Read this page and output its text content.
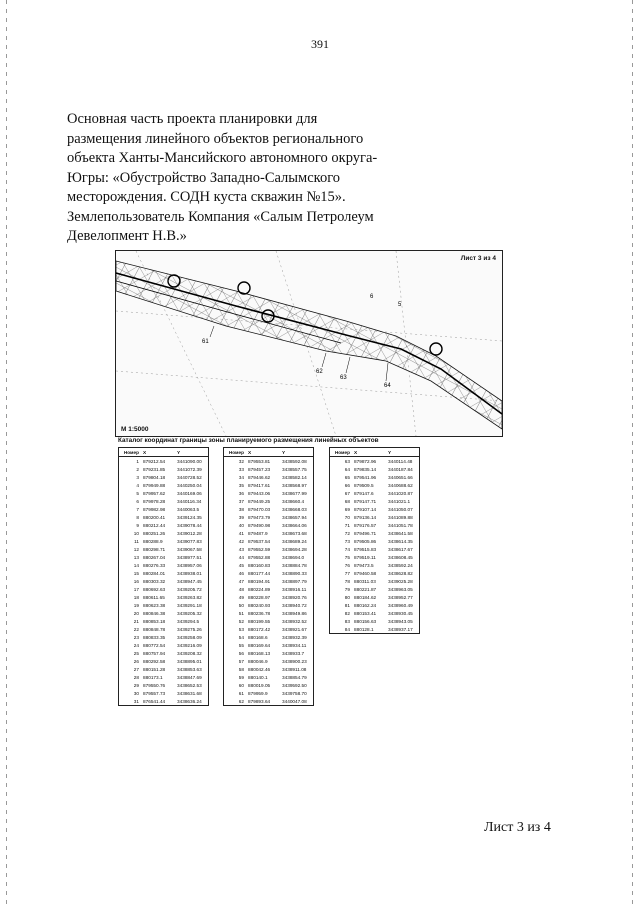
391
Основная часть проекта планировки для
размещения линейного объектов регионального
объекта Ханты-Мансийского автономного округа-
Югры: «Обустройство Западно-Салымского
месторождения. СОДН куста скважин №15».
Землепользователь Компания «Салым Петролеум
Девелопмент Н.В.»
61
62
63
64
6
5
Лист 3 из 4
М 1:5000
Каталог координат границы зоны планируемого размещения линейных объектов
Номер X	Y
1 879212.54	3441090.00
2 879231.85	3441072.39
3 879804.18	3440728.52
4 879949.88	3440250.04
5 879957.62	3440169.06
6 879978.28	3440116.34
7 879982.98	3440063.5
8 880200.41	3439124.35
9 880212.44	3439078.44
10 880251.26	3439012.28
11 880288.9	3439077.83
12 880298.71	3439067.58
13 880267.04	3438977.51
14 880276.33	3438957.06
15 880284.01	3438938.01
16 880303.32	3438947.45
17 880692.63	3439205.72
18 880611.65	3439263.82
19 880623.38	3439291.18
20 880846.38	3439205.32
21 880853.18	3439294.5
22 880848.78	3439275.26
23 880833.35	3439258.09
24 880772.54	3439216.09
25 880757.94	3439208.32
26 880292.58	3438895.01
27 880151.28	3438853.63
28 880173.1	3438847.69
29 879550.76	3438652.53
30 879557.73	3438631.68
31 876541.44	3438636.24
Номер X	Y
32 879553.81	3438592.08
33 879457.23	3438557.75
34 879446.62	3438582.14
35 879417.61	3438568.97
36 879443.06	3438677.99
37 879449.25	3438660.4
38 879470.03	3438668.03
39 879473.79	3438657.94
40 879490.98	3438664.06
41 879487.9	3438673.68
42 879537.54	3438689.24
43 879552.59	3438694.28
44 879552.88	3438694.0
45 880160.83	3438884.78
46 880177.44	3438890.33
47 880194.91	3438897.79
48 880224.89	3438916.11
49 880228.97	3438920.76
50 880240.93	3438940.72
51 880236.78	3438949.86
52 880199.55	3438932.52
53 880172.42	3438921.67
54 880168.6	3438932.39
55 880169.64	3438934.11
56 880168.13	3438933.7
57 880046.9	3438900.23
58 880042.46	3438911.08
59 880140.1	3438854.79
60 880019.05	3439592.50
61 879959.9	3439758.70
62 879893.64	3440047.08
Номер X	Y
63 879872.96	3440114.48
64 879835.14	3440187.84
65 879541.96	3440651.66
66 879509.5	3440688.62
67 879147.6	3441020.87
68 879147.71	3441021.1
69 879107.14	3441050.07
70 879136.14	3441089.88
71 879176.57	3441051.78
72 879496.71	3438641.58
73 879505.86	3438614.35
74 879515.83	3438617.67
75 879519.11	3438608.45
76 879473.5	3438592.24
77 879460.58	3438628.82
78 880311.03	3439025.28
79 880221.87	3438963.05
80 880184.62	3438952.77
81 880162.24	3438960.49
82 880153.41	3438930.45
83 880156.63	3438943.05
84 880128.1	3438937.17
Лист 3 из 4
